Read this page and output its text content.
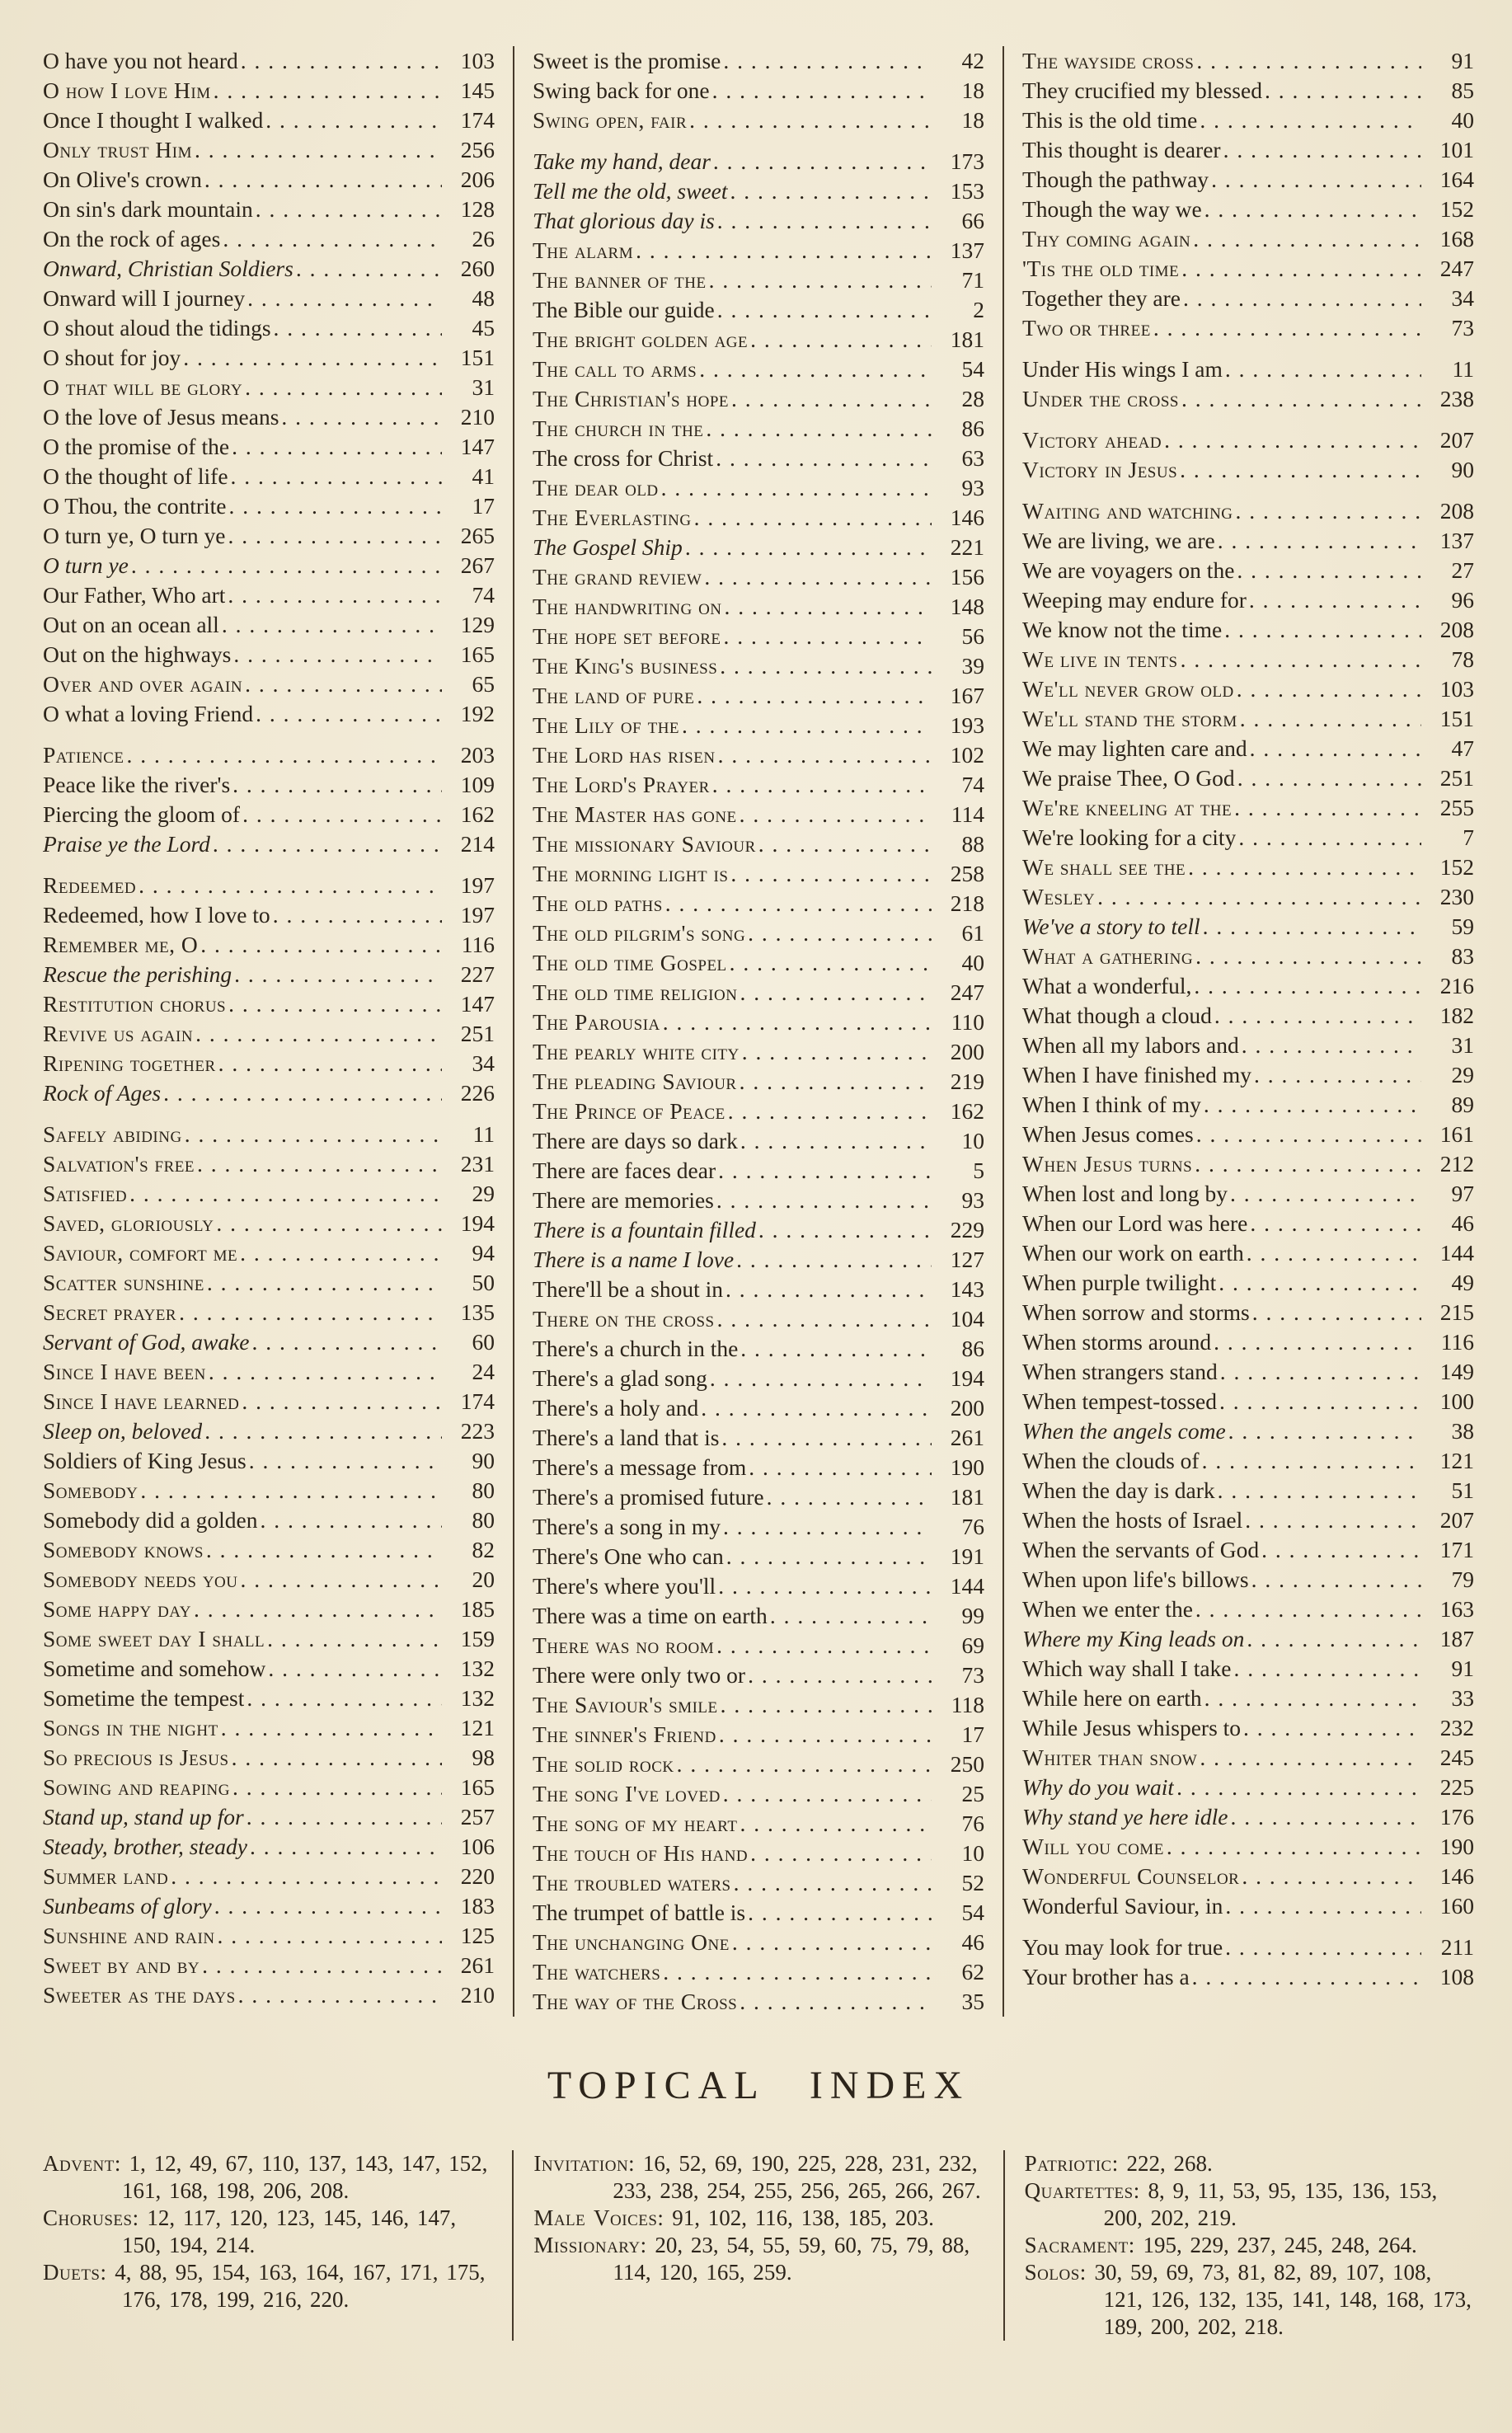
O have you not heard . . .	103
O how I love Him . . .	145
Once I thought I walked . . .	174
Only trust Him . . .	256
On Olive's crown . . .	206
On sin's dark mountain . . .	128
On the rock of ages . . .	26
Onward, Christian Soldiers . . .	260
Onward will I journey . . .	48
O shout aloud the tidings . . .	45
O shout for joy . . .	151
O that will be glory . . .	31
O the love of Jesus means . . .	210
O the promise of the . . .	147
O the thought of life . . .	41
O Thou, the contrite . . .	17
O turn ye, O turn ye . . .	265
O turn ye . . .	267
Our Father, Who art . . .	74
Out on an ocean all . . .	129
Out on the highways . . .	165
Over and over again . . .	65
O what a loving Friend . . .	192
Patience . . .	203
Peace like the river's . . .	109
Piercing the gloom of . . .	162
Praise ye the Lord . . .	214
Redeemed . . .	197
Redeemed, how I love to . . .	197
Remember me, O . . .	116
Rescue the perishing . . .	227
Restitution chorus . . .	147
Revive us again . . .	251
Ripening together . . .	34
Rock of Ages . . .	226
Safely abiding . . .	11
Salvation's free . . .	231
Satisfied . . .	29
Saved, gloriously . . .	194
Saviour, comfort me . . .	94
Scatter sunshine . . .	50
Secret prayer . . .	135
Servant of God, awake . . .	60
Since I have been . . .	24
Since I have learned . . .	174
Sleep on, beloved . . .	223
Soldiers of King Jesus . . .	90
Somebody . . .	80
Somebody did a golden . . .	80
Somebody knows . . .	82
Somebody needs you . . .	20
Some happy day . . .	185
Some sweet day I shall . . .	159
Sometime and somehow . . .	132
Sometime the tempest . . .	132
Songs in the night . . .	121
So precious is Jesus . . .	98
Sowing and reaping . . .	165
Stand up, stand up for . . .	257
Steady, brother, steady . . .	106
Summer land . . .	220
Sunbeams of glory . . .	183
Sunshine and rain . . .	125
Sweet by and by . . .	261
Sweeter as the days . . .	210
Sweet is the promise . . .	42
Swing back for one . . .	18
Swing open, fair . . .	18
Take my hand, dear . . .	173
Tell me the old, sweet . . .	153
That glorious day is . . .	66
The alarm . . .	137
The banner of the . . .	71
The Bible our guide . . .	2
The bright golden age . . .	181
The call to arms . . .	54
The Christian's hope . . .	28
The church in the . . .	86
The cross for Christ . . .	63
The dear old . . .	93
The Everlasting . . .	146
The Gospel Ship . . .	221
The grand review . . .	156
The handwriting on . . .	148
The hope set before . . .	56
The King's business . . .	39
The land of pure . . .	167
The Lily of the . . .	193
The Lord has risen . . .	102
The Lord's Prayer . . .	74
The Master has gone . . .	114
The missionary Saviour . . .	88
The morning light is . . .	258
The old paths . . .	218
The old pilgrim's song . . .	61
The old time Gospel . . .	40
The old time religion . . .	247
The Parousia . . .	110
The pearly white city . . .	200
The pleading Saviour . . .	219
The Prince of Peace . . .	162
There are days so dark . . .	10
There are faces dear . . .	5
There are memories . . .	93
There is a fountain filled . . .	229
There is a name I love . . .	127
There'll be a shout in . . .	143
There on the cross . . .	104
There's a church in the . . .	86
There's a glad song . . .	194
There's a holy and . . .	200
There's a land that is . . .	261
There's a message from . . .	190
There's a promised future . . .	181
There's a song in my . . .	76
There's One who can . . .	191
There's where you'll . . .	144
There was a time on earth . . .	99
There was no room . . .	69
There were only two or . . .	73
The Saviour's smile . . .	118
The sinner's Friend . . .	17
The solid rock . . .	250
The song I've loved . . .	25
The song of my heart . . .	76
The touch of His hand . . .	10
The troubled waters . . .	52
The trumpet of battle is . . .	54
The unchanging One . . .	46
The watchers . . .	62
The way of the Cross . . .	35
The wayside cross . . .	91
They crucified my blessed . . .	85
This is the old time . . .	40
This thought is dearer . . .	101
Though the pathway . . .	164
Though the way we . . .	152
Thy coming again . . .	168
'Tis the old time . . .	247
Together they are . . .	34
Two or three . . .	73
Under His wings I am . . .	11
Under the cross . . .	238
Victory ahead . . .	207
Victory in Jesus . . .	90
Waiting and watching . . .	208
We are living, we are . . .	137
We are voyagers on the . . .	27
Weeping may endure for . . .	96
We know not the time . . .	208
We live in tents . . .	78
We'll never grow old . . .	103
We'll stand the storm . . .	151
We may lighten care and . . .	47
We praise Thee, O God . . .	251
We're kneeling at the . . .	255
We're looking for a city . . .	7
We shall see the . . .	152
Wesley . . .	230
We've a story to tell . . .	59
What a gathering . . .	83
What a wonderful, . . .	216
What though a cloud . . .	182
When all my labors and . . .	31
When I have finished my . . .	29
When I think of my . . .	89
When Jesus comes . . .	161
When Jesus turns . . .	212
When lost and long by . . .	97
When our Lord was here . . .	46
When our work on earth . . .	144
When purple twilight . . .	49
When sorrow and storms . . .	215
When storms around . . .	116
When strangers stand . . .	149
When tempest-tossed . . .	100
When the angels come . . .	38
When the clouds of . . .	121
When the day is dark . . .	51
When the hosts of Israel . . .	207
When the servants of God . . .	171
When upon life's billows . . .	79
When we enter the . . .	163
Where my King leads on . . .	187
Which way shall I take . . .	91
While here on earth . . .	33
While Jesus whispers to . . .	232
Whiter than snow . . .	245
Why do you wait . . .	225
Why stand ye here idle . . .	176
Will you come . . .	190
Wonderful Counselor . . .	146
Wonderful Saviour, in . . .	160
You may look for true . . .	211
Your brother has a . . .	108
TOPICAL INDEX

Advent: 1, 12, 49, 67, 110, 137, 143, 147, 152, 161, 168, 198, 206, 208.

Choruses: 12, 117, 120, 123, 145, 146, 147, 150, 194, 214.

Duets: 4, 88, 95, 154, 163, 164, 167, 171, 175, 176, 178, 199, 216, 220.

Invitation: 16, 52, 69, 190, 225, 228, 231, 232, 233, 238, 254, 255, 256, 265, 266, 267.

Male Voices: 91, 102, 116, 138, 185, 203.

Missionary: 20, 23, 54, 55, 59, 60, 75, 79, 88, 114, 120, 165, 259.

Patriotic: 222, 268.

Quartettes: 8, 9, 11, 53, 95, 135, 136, 153, 200, 202, 219.

Sacrament: 195, 229, 237, 245, 248, 264.

Solos: 30, 59, 69, 73, 81, 82, 89, 107, 108, 121, 126, 132, 135, 141, 148, 168, 173, 189, 200, 202, 218.
